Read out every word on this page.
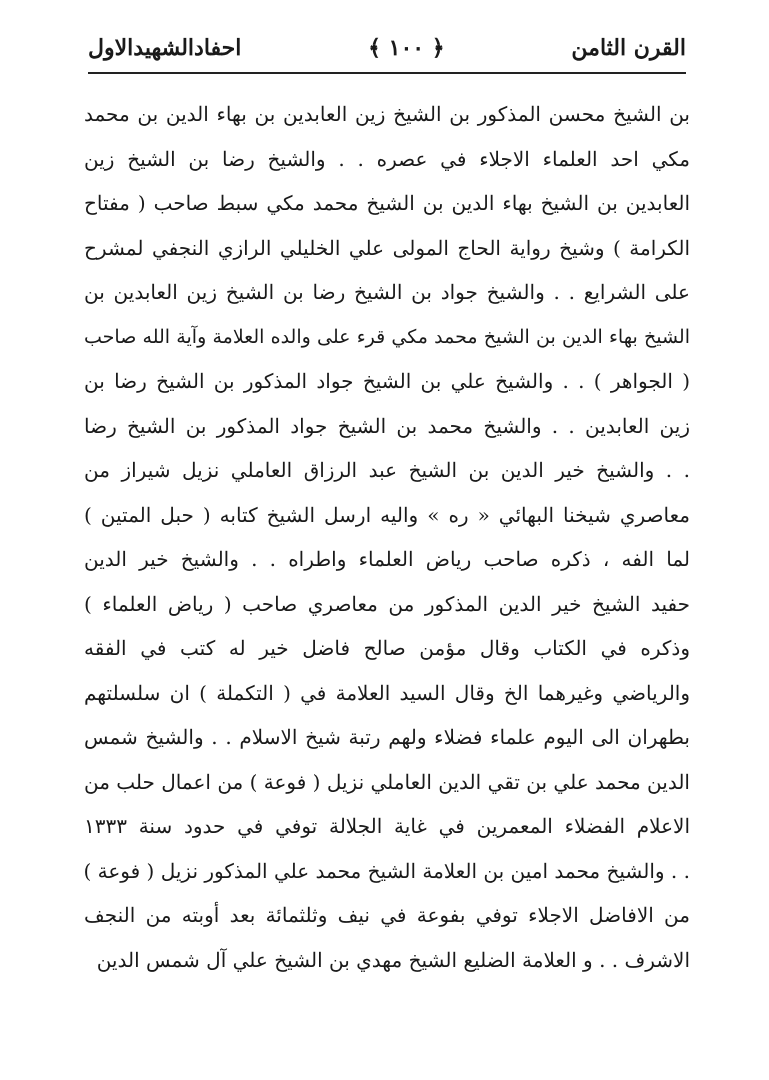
القرن الثامن
﴿ ١٠٠ ﴾
احفادالشهيدالاول
بن الشيخ محسن المذكور بن الشيخ زين العابدين بن بهاء الدين بن محمد
مكي احد العلماء الاجلاء في عصره . . والشيخ رضا بن الشيخ زين
العابدين بن الشيخ بهاء الدين بن الشيخ محمد مكي سبط صاحب ( مفتاح
الكرامة ) وشيخ رواية الحاج المولى علي الخليلي الرازي النجفي لمشرح
على الشرايع . . والشيخ جواد بن الشيخ رضا بن الشيخ زين العابدين بن
الشيخ بهاء الدين بن الشيخ محمد مكي قرء على والده العلامة وآية الله صاحب
( الجواهر ) . . والشيخ علي بن الشيخ جواد المذكور بن الشيخ رضا بن
زين العابدين . . والشيخ محمد بن الشيخ جواد المذكور بن الشيخ رضا
. . والشيخ خير الدين بن الشيخ عبد الرزاق العاملي نزيل شيراز من
معاصري شيخنا البهائي « ره » واليه ارسل الشيخ كتابه ( حبل المتين )
لما الفه ، ذكره صاحب رياض العلماء واطراه . . والشيخ خير الدين
حفيد الشيخ خير الدين المذكور من معاصري صاحب ( رياض العلماء )
وذكره في الكتاب وقال مؤمن صالح فاضل خير له كتب في الفقه
والرياضي وغيرهما الخ وقال السيد العلامة في ( التكملة ) ان سلسلتهم
بطهران الى اليوم علماء فضلاء ولهم رتبة شيخ الاسلام . . والشيخ شمس
الدين محمد علي بن تقي الدين العاملي نزيل ( فوعة ) من اعمال حلب من
الاعلام الفضلاء المعمرين في غاية الجلالة توفي في حدود سنة ١٣٣٣
. . والشيخ محمد امين بن العلامة الشيخ محمد علي المذكور نزيل ( فوعة )
من الافاضل الاجلاء توفي بفوعة في نيف وثلثمائة بعد أوبته من النجف
الاشرف . . و العلامة الضليع الشيخ مهدي بن الشيخ علي آل شمس الدين
